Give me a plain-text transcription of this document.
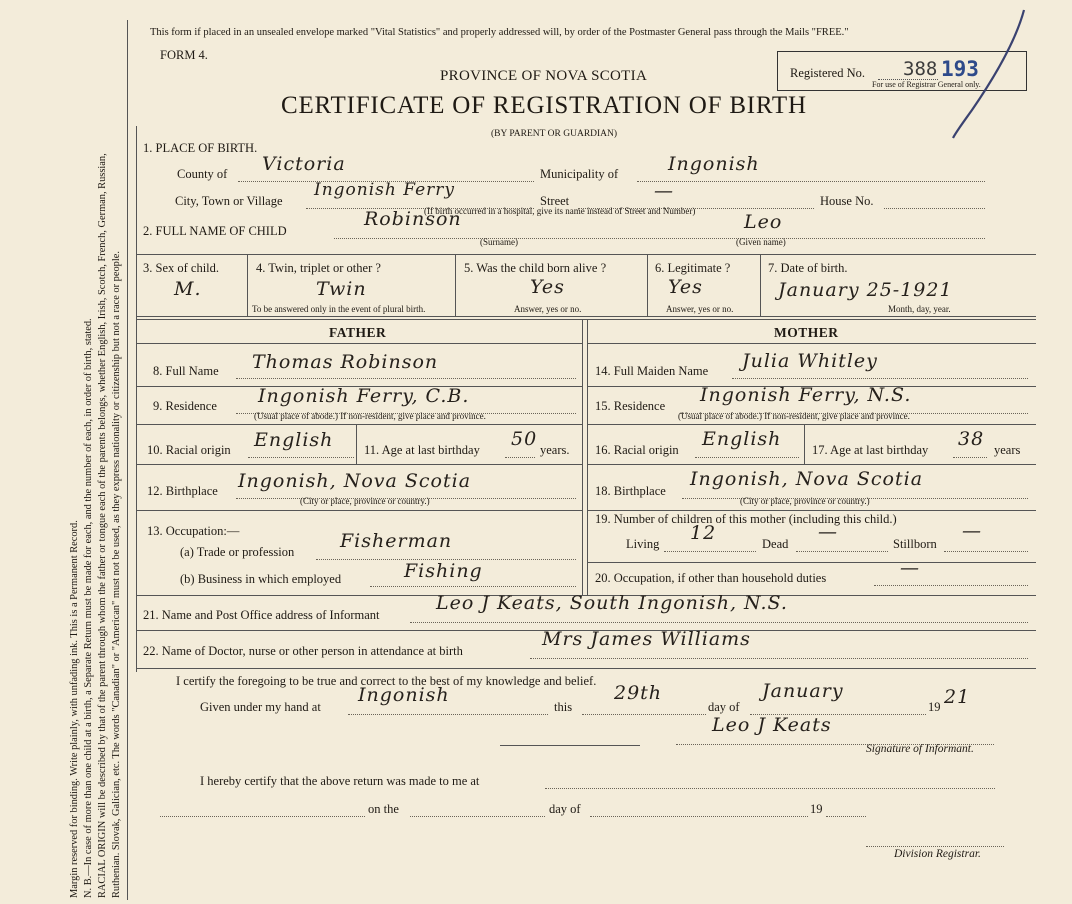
Margin reserved for binding. Write plainly, with unfading ink. This is a Permanent Record. N. B.—In case of more than one child at a birth, a Separate Return must be made for each, and the number of each, in order of birth, stated. RACIAL ORIGIN will be described by that of the parent through whom the father or tongue each of the parents belongs, whether English, Irish, Scotch, French, German, Russian, Ruthenian. Slovak, Galician, etc. The words "Canadian" or "American" must not be used, as they express nationality or citizenship but not a race or people.
This form if placed in an unsealed envelope marked "Vital Statistics" and properly addressed will, by order of the Postmaster General pass through the Mails "FREE."
FORM 4.
PROVINCE OF NOVA SCOTIA
CERTIFICATE OF REGISTRATION OF BIRTH
(BY PARENT OR GUARDIAN)
Registered No. 388 193
For use of Registrar General only.
1. PLACE OF BIRTH.
County of Victoria	Municipality of	Ingonish
City, Town or Village
Ingonish Ferry
Street	—	House No.
(If birth occurred in a hospital, give its name instead of Street and Number)
2. FULL NAME OF CHILD
Robinson	Leo
(Surname)	(Given name)
3. Sex of child.
M.
4. Twin, triplet or other ?
Twin
To be answered only in the event of plural birth.
5. Was the child born alive ?
Yes
Answer, yes or no.
6. Legitimate ?
Yes
Answer, yes or no.
7. Date of birth.
January 25-1921
Month, day, year.
FATHER	MOTHER
8. Full Name Thomas Robinson
9. Residence Ingonish Ferry, C.B.
(Usual place of abode.) If non-resident, give place and province.
10. Racial origin English 11. Age at last birthday 50 years.
12. Birthplace Ingonish, Nova Scotia
(City or place, province or country.)
13. Occupation:—
(a) Trade or profession Fisherman
(b) Business in which employed	Fishing
14. Full Maiden Name Julia Whitley
15. Residence Ingonish Ferry, N.S.
(Usual place of abode.) If non-resident, give place and province.
16. Racial origin English 17. Age at last birthday 38 years
18. Birthplace
Ingonish, Nova Scotia
(City or place, province or country.)
19. Number of children of this mother (including this child.)
Living 12	Dead
—
Stillborn
—
20. Occupation, if other than household duties	—
21. Name and Post Office address of Informant
Leo J Keats, South Ingonish, N.S.
22. Name of Doctor, nurse or other person in attendance at birth
Mrs James Williams
I certify the foregoing to be true and correct to the best of my knowledge and belief.
Given under my hand at
Ingonish
this
29th
day of
January
19 21
Leo J Keats
Signature of Informant.
I hereby certify that the above return was made to me at
on the	day of	19
Division Registrar.
